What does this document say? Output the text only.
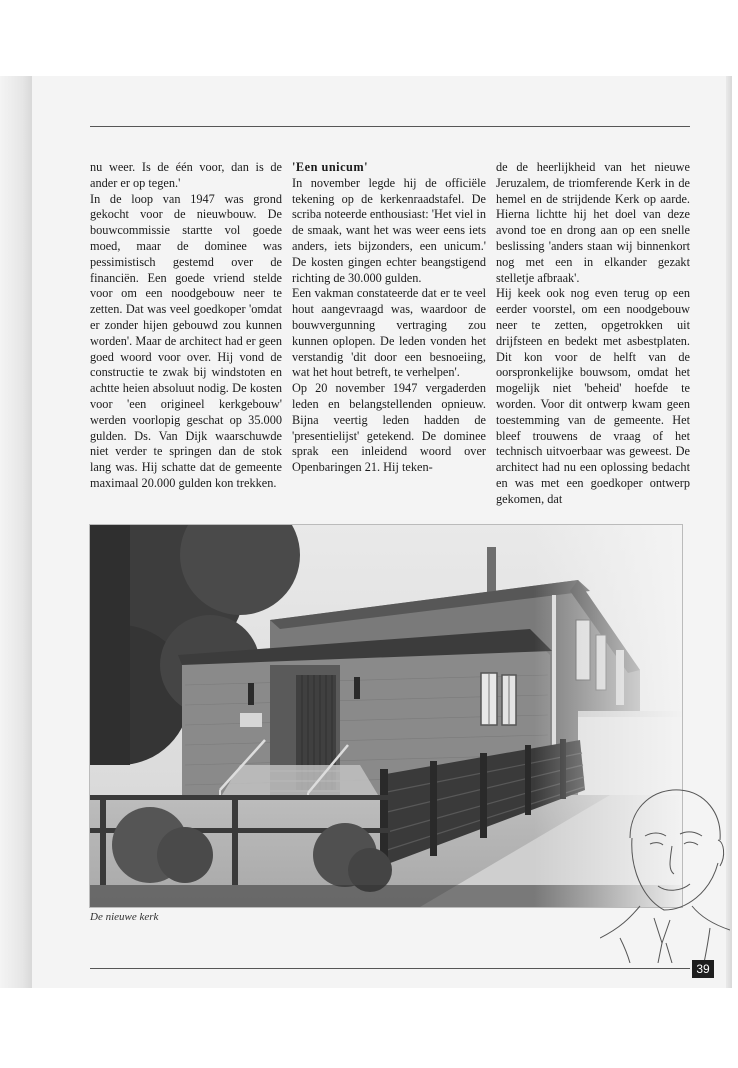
nu weer. Is de één voor, dan is de ander er op tegen.'

In de loop van 1947 was grond gekocht voor de nieuwbouw. De bouwcommissie startte vol goede moed, maar de dominee was pessimistisch gestemd over de financiën. Een goede vriend stelde voor om een noodgebouw neer te zetten. Dat was veel goedkoper 'omdat er zonder hijen gebouwd zou kunnen worden'. Maar de architect had er geen goed woord voor over. Hij vond de constructie te zwak bij windstoten en achtte heien absoluut nodig. De kosten voor 'een origineel kerkgebouw' werden voorlopig geschat op 35.000 gulden. Ds. Van Dijk waarschuwde niet verder te springen dan de stok lang was. Hij schatte dat de gemeente maximaal 20.000 gulden kon trekken.

'Een unicum'

In november legde hij de officiële tekening op de kerkenraadstafel. De scriba noteerde enthousiast: 'Het viel in de smaak, want het was weer eens iets anders, iets bijzonders, een unicum.' De kosten gingen echter beangstigend richting de 30.000 gulden.

Een vakman constateerde dat er te veel hout aangevraagd was, waardoor de bouwvergunning vertraging zou kunnen oplopen. De leden vonden het verstandig 'dit door een besnoeiing, wat het hout betreft, te verhelpen'.

Op 20 november 1947 vergaderden leden en belangstellenden opnieuw. Bijna veertig leden hadden de 'presentielijst' getekend. De dominee sprak een inleidend woord over Openbaringen 21. Hij teken-

de de heerlijkheid van het nieuwe Jeruzalem, de triomferende Kerk in de hemel en de strijdende Kerk op aarde. Hierna lichtte hij het doel van deze avond toe en drong aan op een snelle beslissing 'anders staan wij binnenkort nog met een in elkander gezakt stelletje afbraak'.

Hij keek ook nog even terug op een eerder voorstel, om een noodgebouw neer te zetten, opgetrokken uit drijfsteen en bedekt met asbestplaten. Dit kon voor de helft van de oorspronkelijke bouwsom, omdat het mogelijk niet 'beheid' hoefde te worden. Voor dit ontwerp kwam geen toestemming van de gemeente. Het bleef trouwens de vraag of het technisch uitvoerbaar was geweest. De architect had nu een oplossing bedacht en was met een goedkoper ontwerp gekomen, dat

De nieuwe kerk
39
